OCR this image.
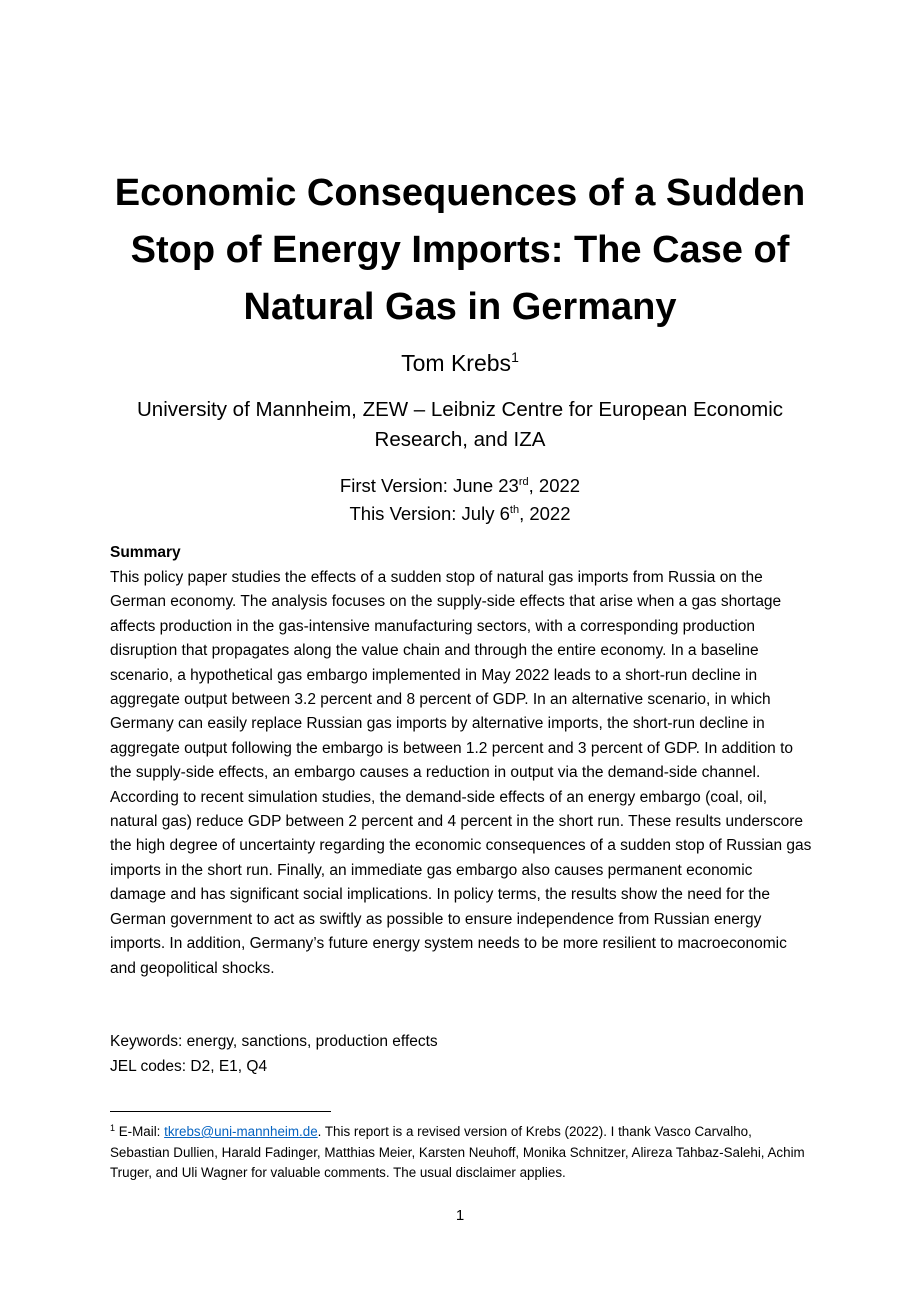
Economic Consequences of a Sudden Stop of Energy Imports: The Case of Natural Gas in Germany
Tom Krebs$^1$
University of Mannheim, ZEW – Leibniz Centre for European Economic Research, and IZA
First Version: June 23rd, 2022
This Version: July 6th, 2022
Summary

This policy paper studies the effects of a sudden stop of natural gas imports from Russia on the German economy. The analysis focuses on the supply-side effects that arise when a gas shortage affects production in the gas-intensive manufacturing sectors, with a corresponding production disruption that propagates along the value chain and through the entire economy. In a baseline scenario, a hypothetical gas embargo implemented in May 2022 leads to a short-run decline in aggregate output between 3.2 percent and 8 percent of GDP. In an alternative scenario, in which Germany can easily replace Russian gas imports by alternative imports, the short-run decline in aggregate output following the embargo is between 1.2 percent and 3 percent of GDP. In addition to the supply-side effects, an embargo causes a reduction in output via the demand-side channel. According to recent simulation studies, the demand-side effects of an energy embargo (coal, oil, natural gas) reduce GDP between 2 percent and 4 percent in the short run. These results underscore the high degree of uncertainty regarding the economic consequences of a sudden stop of Russian gas imports in the short run. Finally, an immediate gas embargo also causes permanent economic damage and has significant social implications. In policy terms, the results show the need for the German government to act as swiftly as possible to ensure independence from Russian energy imports. In addition, Germany’s future energy system needs to be more resilient to macroeconomic and geopolitical shocks.

Keywords: energy, sanctions, production effects
JEL codes: D2, E1, Q4

$^1$ E-Mail: tkrebs@uni-mannheim.de. This report is a revised version of Krebs (2022). I thank Vasco Carvalho, Sebastian Dullien, Harald Fadinger, Matthias Meier, Karsten Neuhoff, Monika Schnitzer, Alireza Tahbaz-Salehi, Achim Truger, and Uli Wagner for valuable comments. The usual disclaimer applies.

1
